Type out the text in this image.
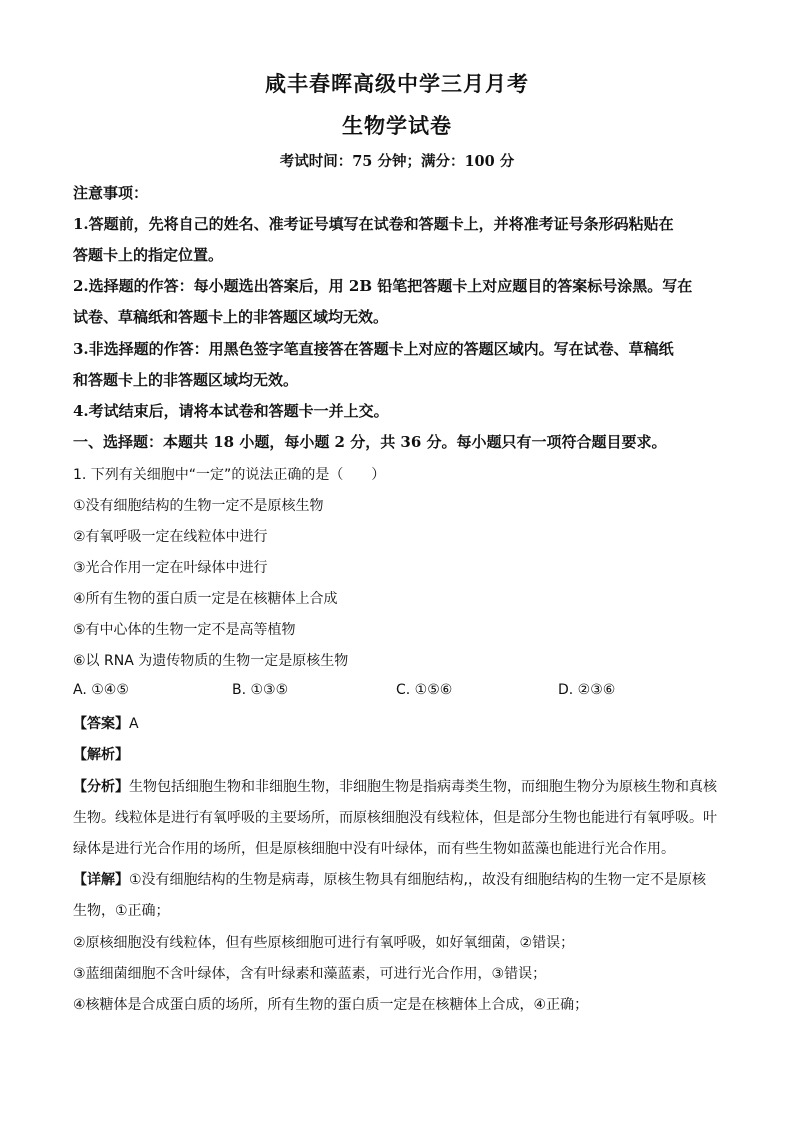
咸丰春晖高级中学三月月考
生物学试卷
考试时间：75 分钟；满分：100 分
注意事项：
1.答题前，先将自己的姓名、准考证号填写在试卷和答题卡上，并将准考证号条形码粘贴在
答题卡上的指定位置。
2.选择题的作答：每小题选出答案后，用 2B 铅笔把答题卡上对应题目的答案标号涂黑。写在
试卷、草稿纸和答题卡上的非答题区域均无效。
3.非选择题的作答：用黑色签字笔直接答在答题卡上对应的答题区域内。写在试卷、草稿纸
和答题卡上的非答题区域均无效。
4.考试结束后，请将本试卷和答题卡一并上交。
一、选择题：本题共 18 小题，每小题 2 分，共 36 分。每小题只有一项符合题目要求。
1. 下列有关细胞中“一定”的说法正确的是（　　）
①没有细胞结构的生物一定不是原核生物
②有氧呼吸一定在线粒体中进行
③光合作用一定在叶绿体中进行
④所有生物的蛋白质一定是在核糖体上合成
⑤有中心体的生物一定不是高等植物
⑥以 RNA 为遗传物质的生物一定是原核生物
A. ①④⑤	B. ①③⑤	C. ①⑤⑥	D. ②③⑥
【答案】A
【解析】
【分析】生物包括细胞生物和非细胞生物，非细胞生物是指病毒类生物，而细胞生物分为原核生物和真核
生物。线粒体是进行有氧呼吸的主要场所，而原核细胞没有线粒体，但是部分生物也能进行有氧呼吸。叶
绿体是进行光合作用的场所，但是原核细胞中没有叶绿体，而有些生物如蓝藻也能进行光合作用。
【详解】①没有细胞结构的生物是病毒，原核生物具有细胞结构,，故没有细胞结构的生物一定不是原核
生物，①正确；
②原核细胞没有线粒体，但有些原核细胞可进行有氧呼吸，如好氧细菌，②错误；
③蓝细菌细胞不含叶绿体，含有叶绿素和藻蓝素，可进行光合作用，③错误；
④核糖体是合成蛋白质的场所，所有生物的蛋白质一定是在核糖体上合成，④正确；
